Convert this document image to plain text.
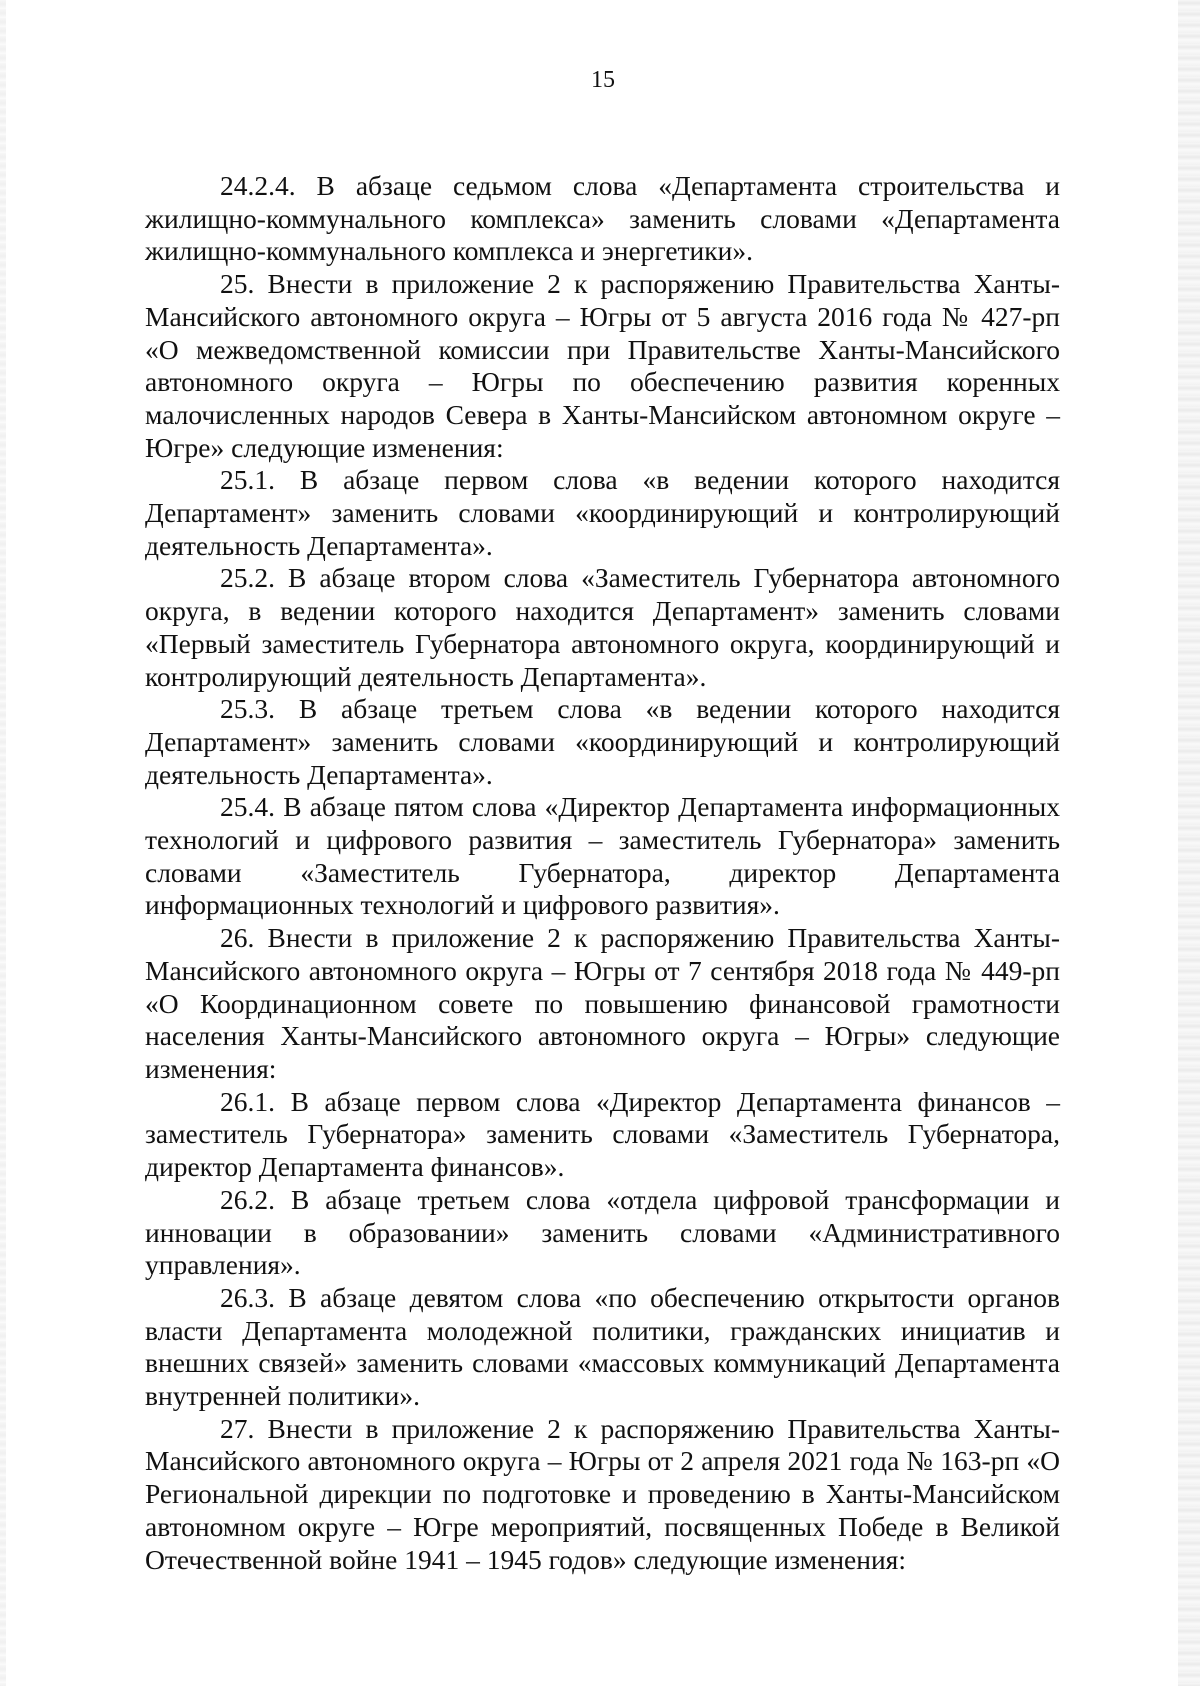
15

24.2.4. В абзаце седьмом слова «Департамента строительства и жилищно-коммунального комплекса» заменить словами «Департамента жилищно-коммунального комплекса и энергетики».

25. Внести в приложение 2 к распоряжению Правительства Ханты-Мансийского автономного округа – Югры от 5 августа 2016 года № 427-рп «О межведомственной комиссии при Правительстве Ханты-Мансийского автономного округа – Югры по обеспечению развития коренных малочисленных народов Севера в Ханты-Мансийском автономном округе – Югре» следующие изменения:

25.1. В абзаце первом слова «в ведении которого находится Департамент» заменить словами «координирующий и контролирующий деятельность Департамента».

25.2. В абзаце втором слова «Заместитель Губернатора автономного округа, в ведении которого находится Департамент» заменить словами «Первый заместитель Губернатора автономного округа, координирующий и контролирующий деятельность Департамента».

25.3. В абзаце третьем слова «в ведении которого находится Департамент» заменить словами «координирующий и контролирующий деятельность Департамента».

25.4. В абзаце пятом слова «Директор Департамента информационных технологий и цифрового развития – заместитель Губернатора» заменить словами «Заместитель Губернатора, директор Департамента информационных технологий и цифрового развития».

26. Внести в приложение 2 к распоряжению Правительства Ханты-Мансийского автономного округа – Югры от 7 сентября 2018 года № 449-рп «О Координационном совете по повышению финансовой грамотности населения Ханты-Мансийского автономного округа – Югры» следующие изменения:

26.1. В абзаце первом слова «Директор Департамента финансов – заместитель Губернатора» заменить словами «Заместитель Губернатора, директор Департамента финансов».

26.2. В абзаце третьем слова «отдела цифровой трансформации и инновации в образовании» заменить словами «Административного управления».

26.3. В абзаце девятом слова «по обеспечению открытости органов власти Департамента молодежной политики, гражданских инициатив и внешних связей» заменить словами «массовых коммуникаций Департамента внутренней политики».

27. Внести в приложение 2 к распоряжению Правительства Ханты-Мансийского автономного округа – Югры от 2 апреля 2021 года № 163-рп «О Региональной дирекции по подготовке и проведению в Ханты-Мансийском автономном округе – Югре мероприятий, посвященных Победе в Великой Отечественной войне 1941 – 1945 годов» следующие изменения:
